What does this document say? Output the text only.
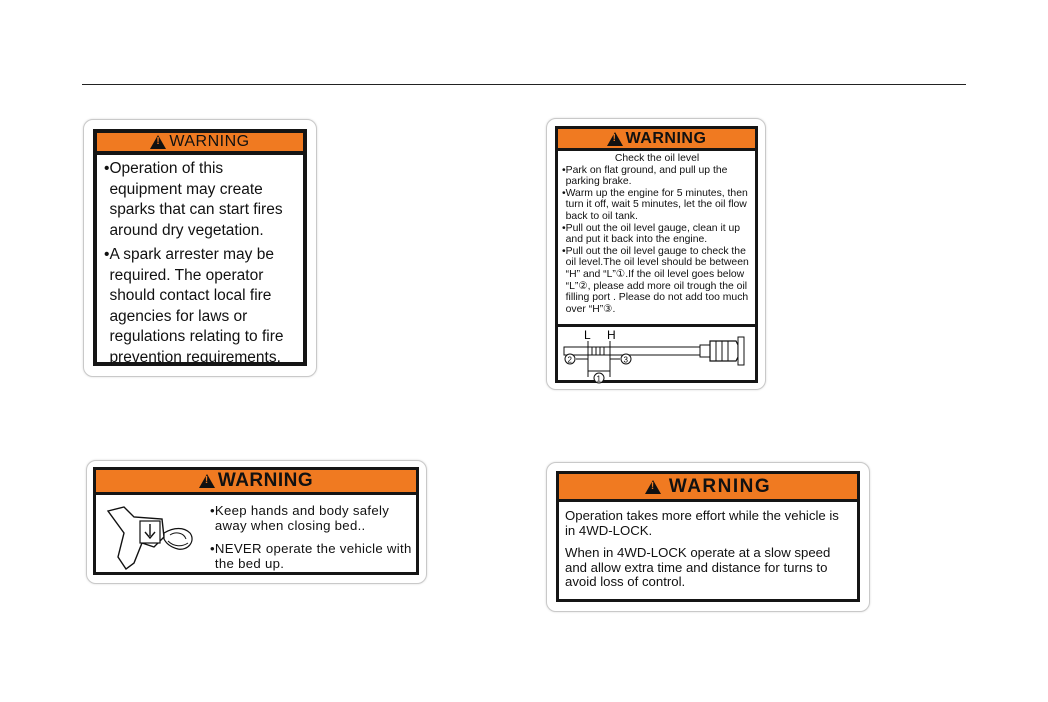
!
WARNING
• Operation of this equipment may create sparks that can start fires around dry vegetation.
• A spark arrester may be required. The operator should contact local fire agencies for laws or regulations relating to fire prevention requirements.
!
WARNING

Check the oil level

• Park on flat ground, and pull up the parking brake.
• Warm up the engine for 5 minutes, then turn it off, wait 5 minutes, let the oil flow back to oil tank.
• Pull out the oil level gauge, clean it up and put it back into the engine.
• Pull out the oil level gauge to check the oil level.The oil level should be between “H” and “L”①.If the oil level goes below “L”②, please add more oil trough the oil filling port . Please do not add too much over “H”③.
L H
2	3
1
!
WARNING
• Keep hands and body safely away when closing bed..
• NEVER operate the vehicle with the bed up.
!
WARNING

Operation takes more effort while the vehicle is in 4WD-LOCK.

When in 4WD-LOCK operate at a slow speed and allow extra time and distance for turns to avoid loss of control.
